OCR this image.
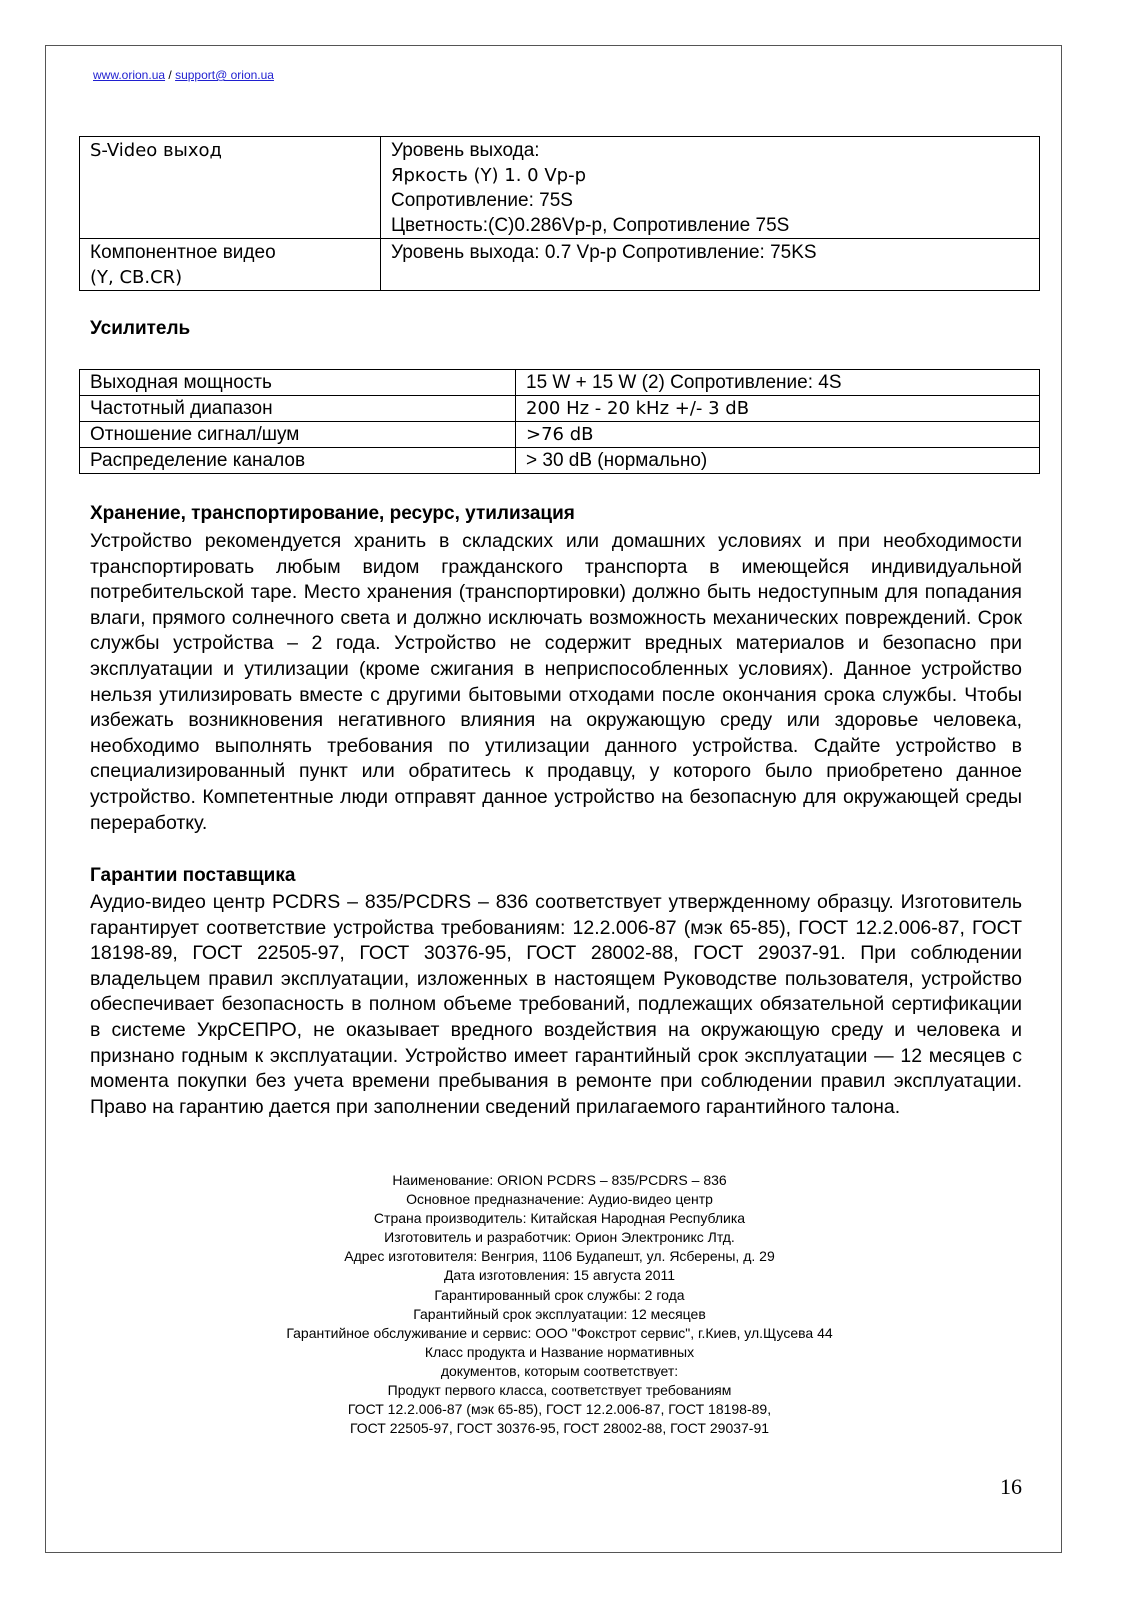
www.orion.ua / support@ orion.ua
S-Video выход	Уровень выхода:
Яркость (Y) 1. 0 Vp-p
Сопротивление: 75S
Цветность:(C)0.286Vp-p, Сопротивление 75S

Компонентное видео
(Y, CB.CR)	Уровень выхода: 0.7 Vp-p Сопротивление: 75KS
Усилитель
Выходная мощность	15 W + 15 W (2) Сопротивление: 4S
Частотный диапазон	200 Hz - 20 kHz +/- 3 dB
Отношение сигнал/шум	>76 dB
Распределение каналов	> 30 dB (нормально)
Хранение, транспортирование, ресурс, утилизация
Устройство рекомендуется хранить в складских или домашних условиях и при необходимости транспортировать любым видом гражданского транспорта в имеющейся индивидуальной потребительской таре. Место хранения (транспортировки) должно быть недоступным для попадания влаги, прямого солнечного света и должно исключать возможность механических повреждений. Срок службы устройства – 2 года. Устройство не содержит вредных материалов и безопасно при эксплуатации и утилизации (кроме сжигания в неприспособленных условиях). Данное устройство нельзя утилизировать вместе с другими бытовыми отходами после окончания срока службы. Чтобы избежать возникновения негативного влияния на окружающую среду или здоровье человека, необходимо выполнять требования по утилизации данного устройства. Сдайте устройство в специализированный пункт или обратитесь к продавцу, у которого было приобретено данное устройство. Компетентные люди отправят данное устройство на безопасную для окружающей среды переработку.
Гарантии поставщика
Аудио-видео центр PCDRS – 835/PCDRS – 836 соответствует утвержденному образцу. Изготовитель гарантирует соответствие устройства требованиям: 12.2.006-87 (мэк 65-85), ГОСТ 12.2.006-87, ГОСТ 18198-89, ГОСТ 22505-97, ГОСТ 30376-95, ГОСТ 28002-88, ГОСТ 29037-91. При соблюдении владельцем правил эксплуатации, изложенных в настоящем Руководстве пользователя, устройство обеспечивает безопасность в полном объеме требований, подлежащих обязательной сертификации в системе УкрСЕПРО, не оказывает вредного воздействия на окружающую среду и человека и признано годным к эксплуатации. Устройство имеет гарантийный срок эксплуатации — 12 месяцев с момента покупки без учета времени пребывания в ремонте при соблюдении правил эксплуатации. Право на гарантию дается при заполнении сведений прилагаемого гарантийного талона.
Наименование: ORION PCDRS – 835/PCDRS – 836
Основное предназначение: Аудио-видео центр
Страна производитель: Китайская Народная Республика
Изготовитель и разработчик: Орион Электроникс Лтд.
Адрес изготовителя: Венгрия, 1106 Будапешт, ул. Ясберены, д. 29
Дата изготовления: 15 августа 2011
Гарантированный срок службы: 2 года
Гарантийный срок эксплуатации: 12 месяцев
Гарантийное обслуживание и сервис: ООО "Фокстрот сервис", г.Киев, ул.Щусева 44
Класс продукта и Название нормативных
документов, которым соответствует:
Продукт первого класса, соответствует требованиям
ГОСТ 12.2.006-87 (мэк 65-85), ГОСТ 12.2.006-87, ГОСТ 18198-89,
ГОСТ 22505-97, ГОСТ 30376-95, ГОСТ 28002-88, ГОСТ 29037-91
16
